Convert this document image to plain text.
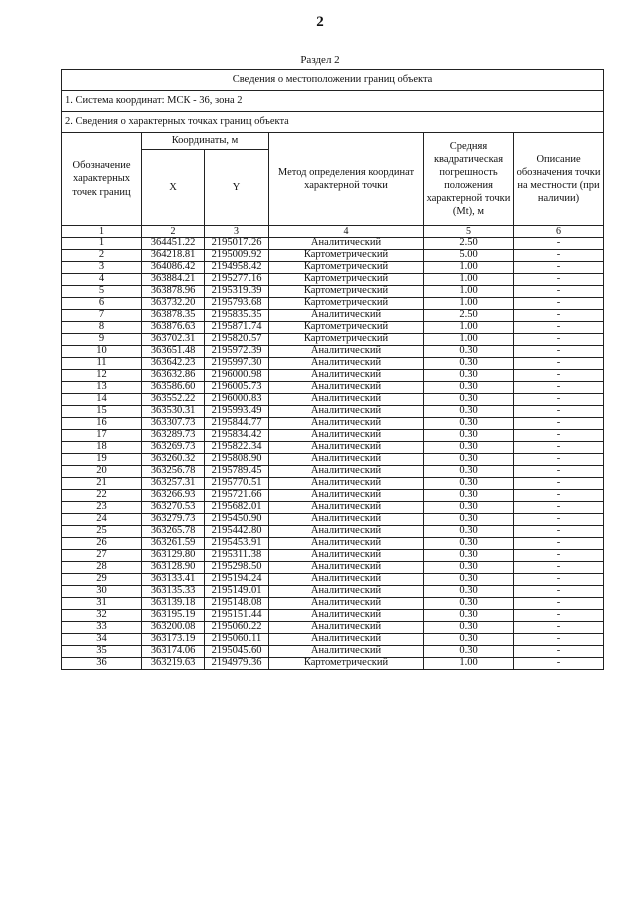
2
Раздел 2
Сведения о местоположении границ объекта					
1. Система координат: МСК - 36, зона 2					
2. Сведения о характерных точках границ объекта					
Обозначение характерных точек границ	Координаты, м		Метод определения координат характерной точки	Средняя квадратическая погрешность положения характерной точки (Mt), м	Описание обозначения точки на местности (при наличии)
	X	Y			
1	2	3	4	5	6
1	364451.22	2195017.26	Аналитический	2.50	-
2	364218.81	2195009.92	Картометрический	5.00	-
3	364086.42	2194958.42	Картометрический	1.00	-
4	363884.21	2195277.16	Картометрический	1.00	-
5	363878.96	2195319.39	Картометрический	1.00	-
6	363732.20	2195793.68	Картометрический	1.00	-
7	363878.35	2195835.35	Аналитический	2.50	-
8	363876.63	2195871.74	Картометрический	1.00	-
9	363702.31	2195820.57	Картометрический	1.00	-
10	363651.48	2195972.39	Аналитический	0.30	-
11	363642.23	2195997.30	Аналитический	0.30	-
12	363632.86	2196000.98	Аналитический	0.30	-
13	363586.60	2196005.73	Аналитический	0.30	-
14	363552.22	2196000.83	Аналитический	0.30	-
15	363530.31	2195993.49	Аналитический	0.30	-
16	363307.73	2195844.77	Аналитический	0.30	-
17	363289.73	2195834.42	Аналитический	0.30	-
18	363269.73	2195822.34	Аналитический	0.30	-
19	363260.32	2195808.90	Аналитический	0.30	-
20	363256.78	2195789.45	Аналитический	0.30	-
21	363257.31	2195770.51	Аналитический	0.30	-
22	363266.93	2195721.66	Аналитический	0.30	-
23	363270.53	2195682.01	Аналитический	0.30	-
24	363279.73	2195450.90	Аналитический	0.30	-
25	363265.78	2195442.80	Аналитический	0.30	-
26	363261.59	2195453.91	Аналитический	0.30	-
27	363129.80	2195311.38	Аналитический	0.30	-
28	363128.90	2195298.50	Аналитический	0.30	-
29	363133.41	2195194.24	Аналитический	0.30	-
30	363135.33	2195149.01	Аналитический	0.30	-
31	363139.18	2195148.08	Аналитический	0.30	-
32	363195.19	2195151.44	Аналитический	0.30	-
33	363200.08	2195060.22	Аналитический	0.30	-
34	363173.19	2195060.11	Аналитический	0.30	-
35	363174.06	2195045.60	Аналитический	0.30	-
36	363219.63	2194979.36	Картометрический	1.00	-
